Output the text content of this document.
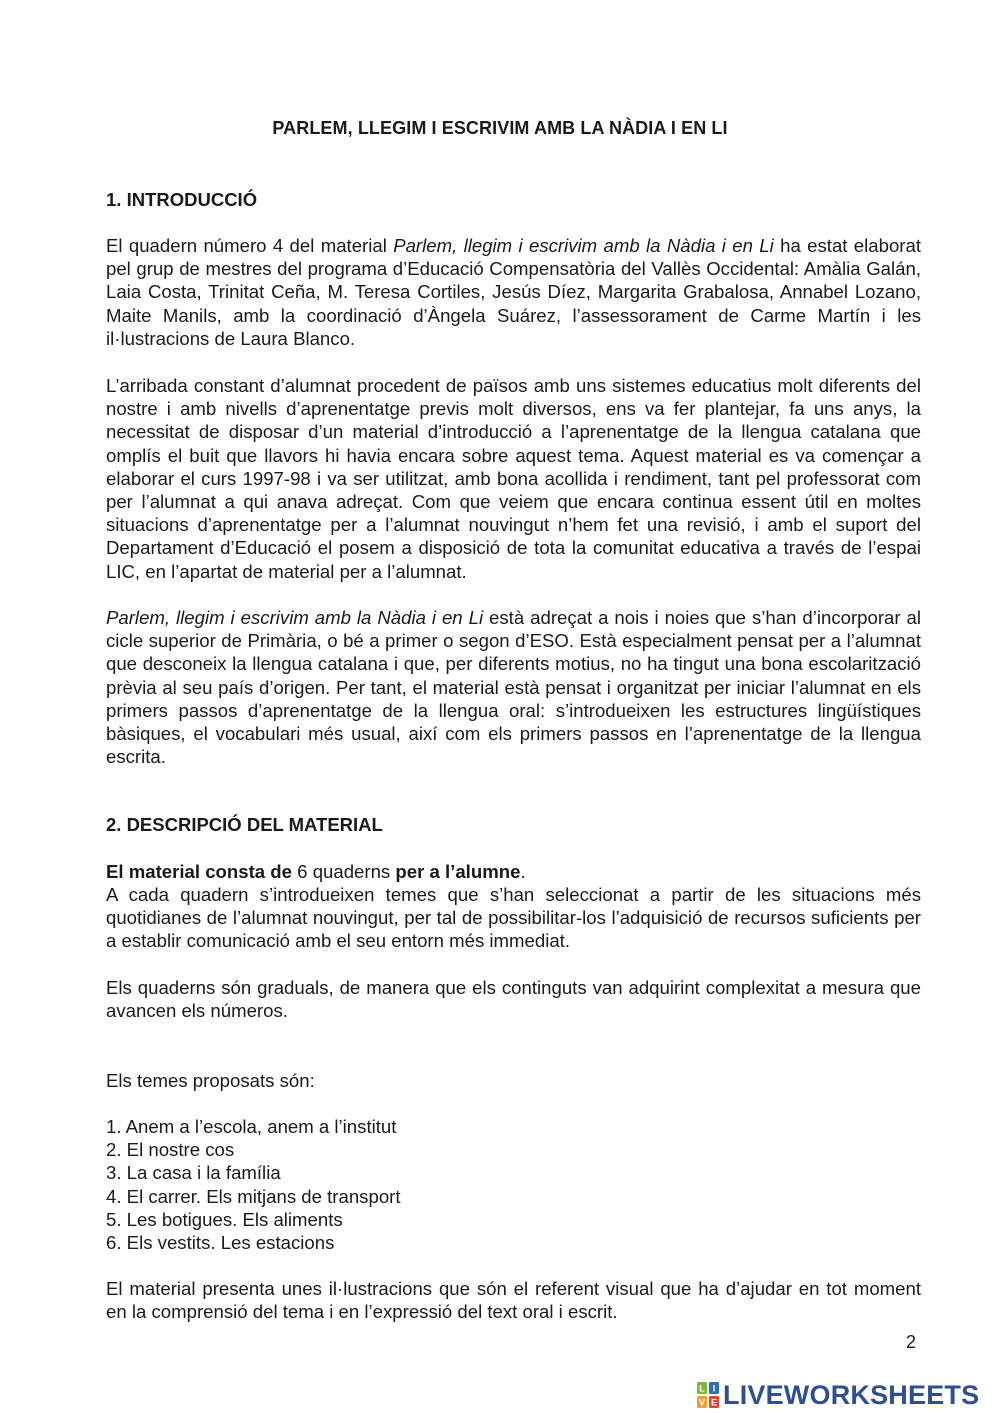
PARLEM, LLEGIM I ESCRIVIM AMB LA NÀDIA I EN LI
1. INTRODUCCIÓ
El quadern número 4 del material Parlem, llegim i escrivim amb la Nàdia i en Li ha estat elaborat pel grup de mestres del programa d’Educació Compensatòria del Vallès Occidental: Amàlia Galán, Laia Costa, Trinitat Ceña, M. Teresa Cortiles, Jesús Díez, Margarita Grabalosa, Annabel Lozano, Maite Manils, amb la coordinació d’Àngela Suárez, l’assessorament de Carme Martín i les il·lustracions de Laura Blanco.
L’arribada constant d’alumnat procedent de països amb uns sistemes educatius molt diferents del nostre i amb nivells d’aprenentatge previs molt diversos, ens va fer plantejar, fa uns anys, la necessitat de disposar d’un material d’introducció a l’aprenentatge de la llengua catalana que omplís el buit que llavors hi havia encara sobre aquest tema. Aquest material es va començar a elaborar el curs 1997-98 i va ser utilitzat, amb bona acollida i rendiment, tant pel professorat com per l’alumnat a qui anava adreçat. Com que veiem que encara continua essent útil en moltes situacions d’aprenentatge per a l’alumnat nouvingut n’hem fet una revisió, i amb el suport del Departament d’Educació el posem a disposició de tota la comunitat educativa a través de l’espai LIC, en l’apartat de material per a l’alumnat.
Parlem, llegim i escrivim amb la Nàdia i en Li està adreçat a nois i noies que s’han d’incorporar al cicle superior de Primària, o bé a primer o segon d’ESO. Està especialment pensat per a l’alumnat que desconeix la llengua catalana i que, per diferents motius, no ha tingut una bona escolarització prèvia al seu país d’origen. Per tant, el material està pensat i organitzat per iniciar l’alumnat en els primers passos d’aprenentatge de la llengua oral: s’introdueixen les estructures lingüístiques bàsiques, el vocabulari més usual, així com els primers passos en l’aprenentatge de la llengua escrita.
2. DESCRIPCIÓ DEL MATERIAL
El material consta de 6 quaderns per a l’alumne.
A cada quadern s’introdueixen temes que s’han seleccionat a partir de les situacions més quotidianes de l’alumnat nouvingut, per tal de possibilitar-los l’adquisició de recursos suficients per a establir comunicació amb el seu entorn més immediat.
Els quaderns són graduals, de manera que els continguts van adquirint complexitat a mesura que avancen els números.
Els temes proposats són:
1. Anem a l’escola, anem a l’institut
2. El nostre cos
3. La casa i la família
4. El carrer. Els mitjans de transport
5. Les botigues. Els aliments
6. Els vestits. Les estacions
El material presenta unes il·lustracions que són el referent visual que ha d’ajudar en tot moment en la comprensió del tema i en l’expressió del text oral i escrit.
2
L I
V E LIVEWORKSHEETS
